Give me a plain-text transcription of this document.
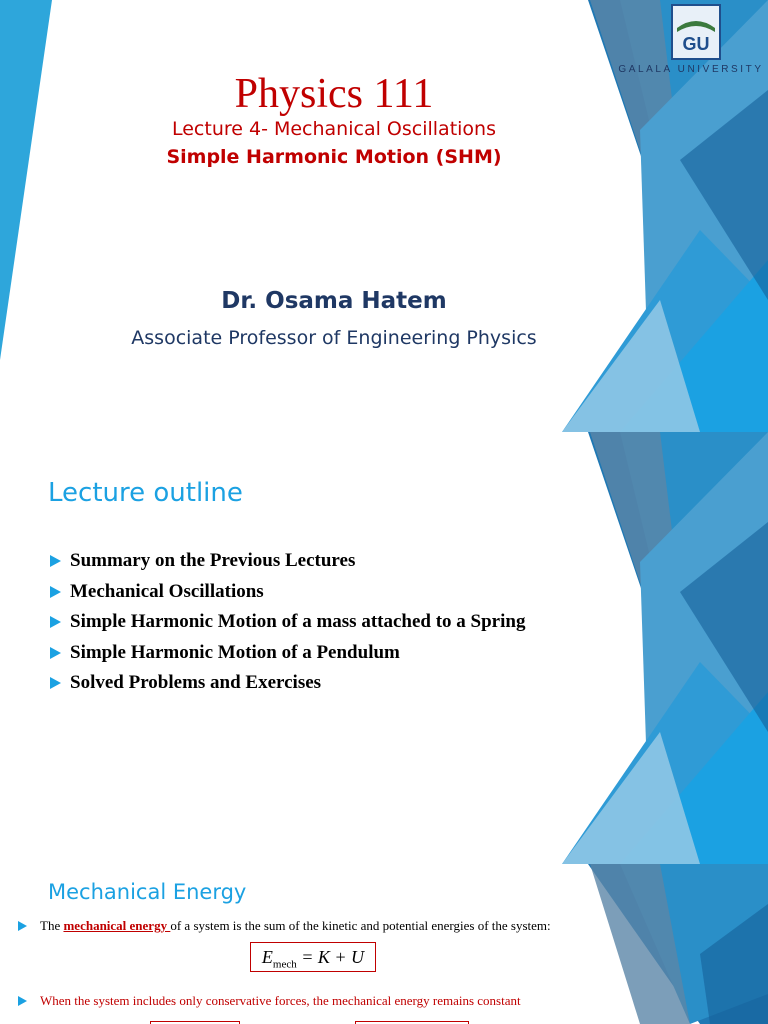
GU
GALALA UNIVERSITY
Physics 111
Lecture 4- Mechanical Oscillations
Simple Harmonic Motion (SHM)
Dr. Osama Hatem
Associate Professor of Engineering Physics
Lecture outline
Summary on the Previous Lectures
Mechanical Oscillations
Simple Harmonic Motion of a mass attached to a Spring
Simple Harmonic Motion of a Pendulum
Solved Problems and Exercises
Mechanical Energy
The mechanical energy of a system is the sum of the kinetic and potential energies of the system:
$E_{mech} = K + U$
When the system includes only conservative forces, the mechanical energy remains constant
